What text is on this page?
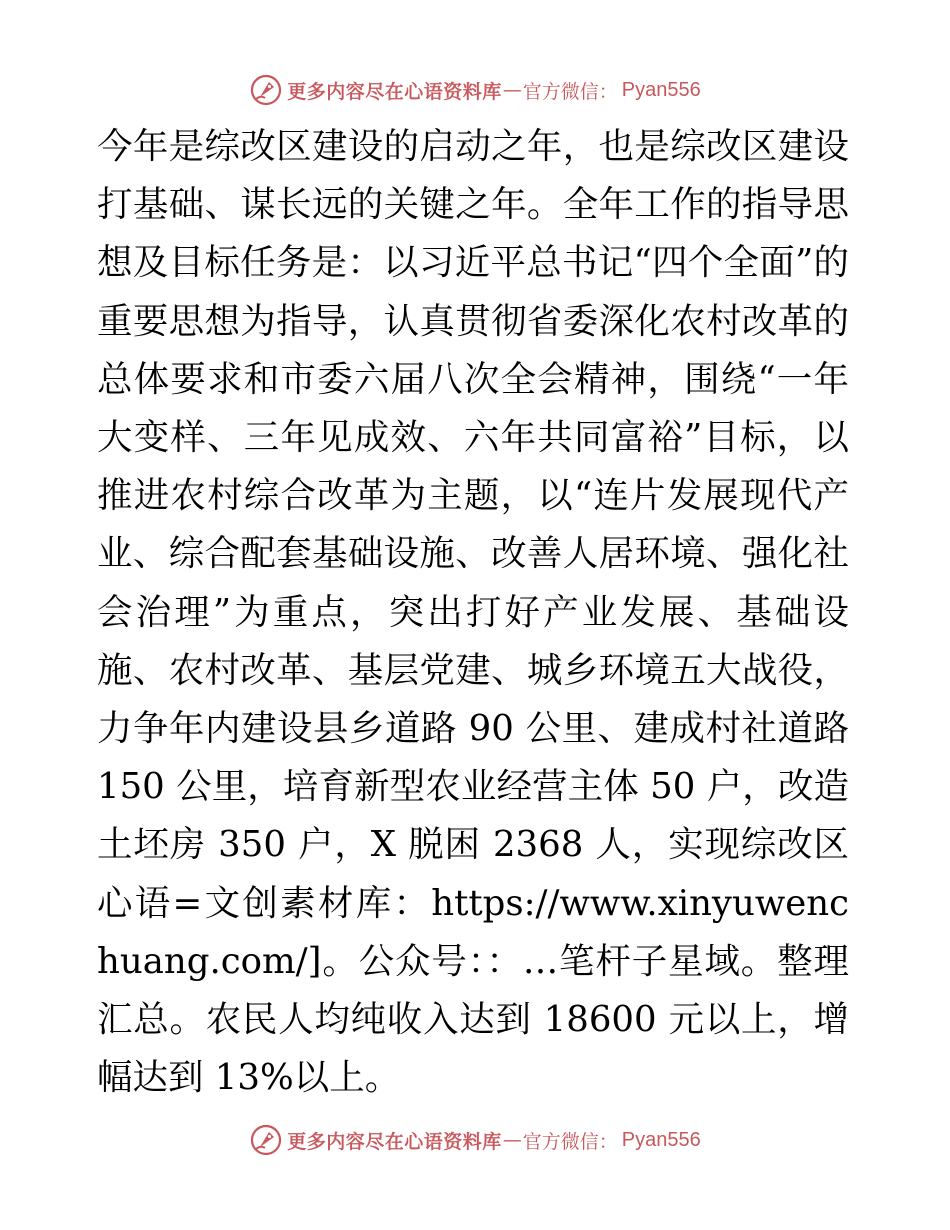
更多内容尽在心语资料库 — 官方微信： Pyan556

今年是综改区建设的启动之年，也是综改区建设打基础、谋长远的关键之年。全年工作的指导思想及目标任务是：以习近平总书记“四个全面”的重要思想为指导，认真贯彻省委深化农村改革的总体要求和市委六届八次全会精神，围绕“一年大变样、三年见成效、六年共同富裕”目标，以推进农村综合改革为主题，以“连片发展现代产业、综合配套基础设施、改善人居环境、强化社会治理”为重点，突出打好产业发展、基础设施、农村改革、基层党建、城乡环境五大战役，力争年内建设县乡道路 90 公里、建成村社道路 150 公里，培育新型农业经营主体 50 户，改造土坯房 350 户，X 脱困 2368 人，实现综改区心语=文创素材库：https://www.xinyuwenchuang.com/]。公众号：：…笔杆子星域。整理汇总。农民人均纯收入达到 18600 元以上，增幅达到 13%以上。

更多内容尽在心语资料库 — 官方微信： Pyan556
